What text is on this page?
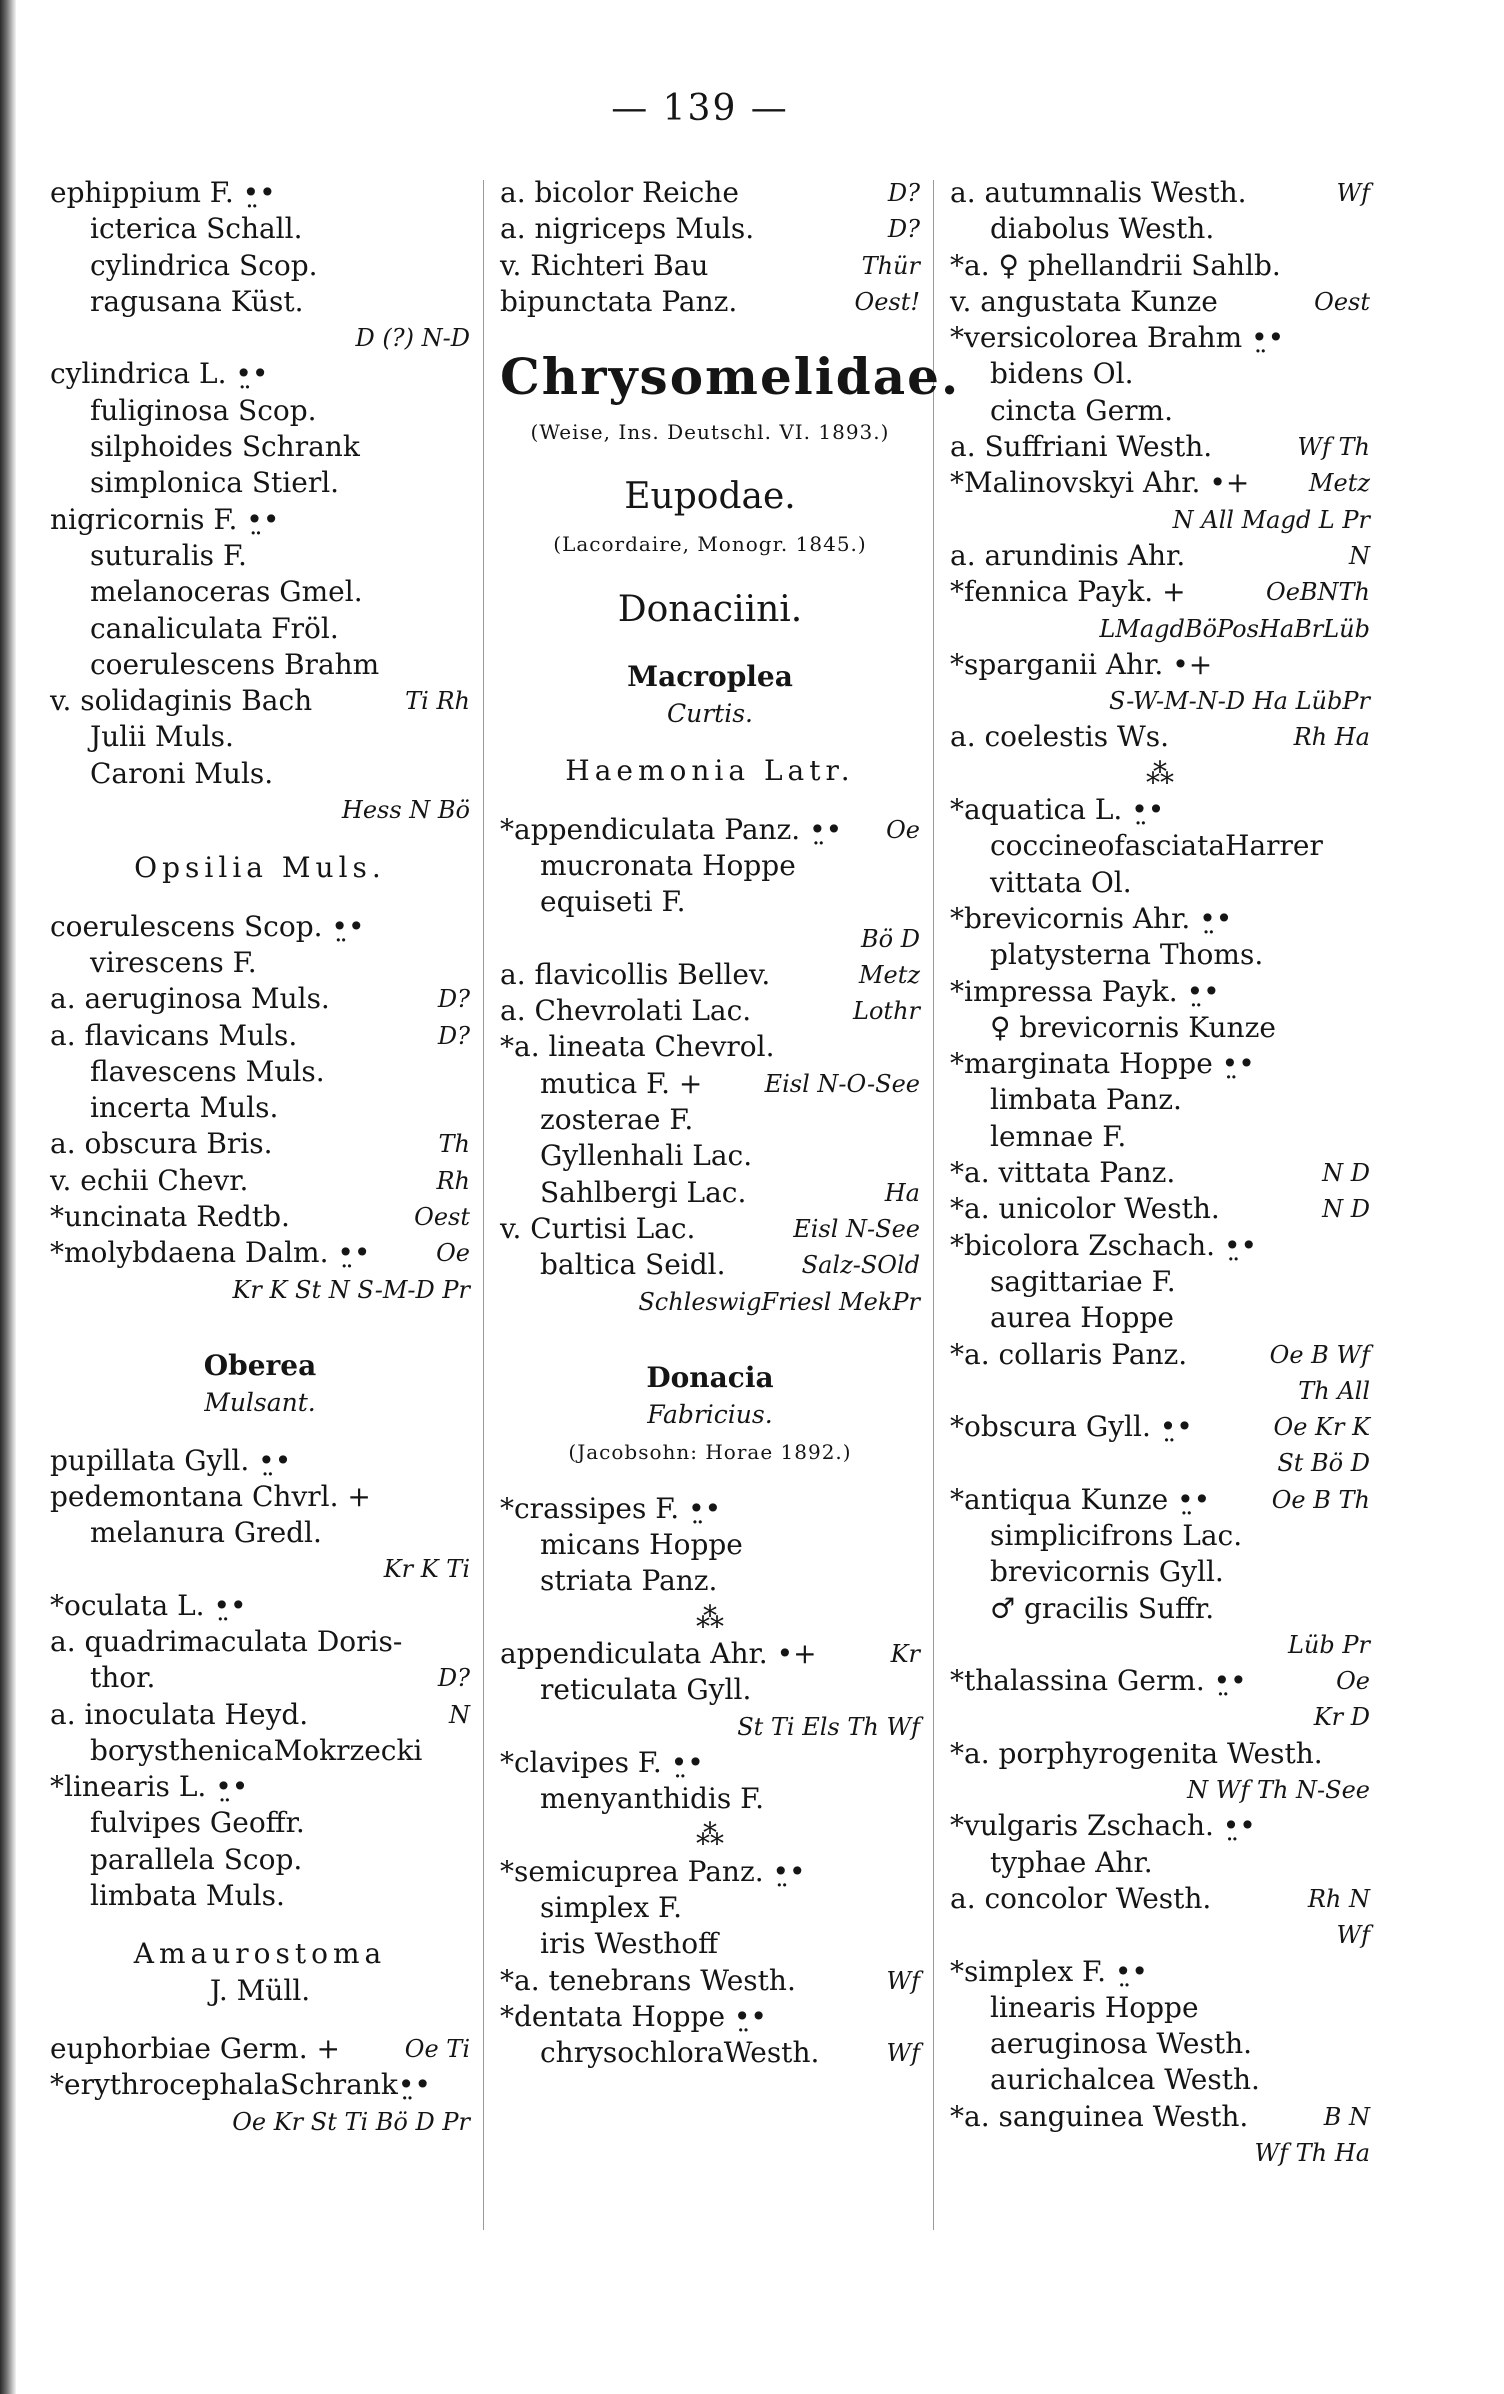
— 139 —
ephippium F. •̤•
icterica Schall.
cylindrica Scop.
ragusana Küst.
D (?) N-D
cylindrica L. •̤•
fuliginosa Scop.
silphoides Schrank
simplonica Stierl.
nigricornis F. •̤•
suturalis F.
melanoceras Gmel.
canaliculata Fröl.
coerulescens Brahm
v. solidaginis Bach	Ti Rh
Julii Muls.
Caroni Muls.
Hess N Bö
Opsilia Muls.
coerulescens Scop. •̤•
virescens F.
a. aeruginosa Muls.	D?
a. flavicans Muls.	D?
flavescens Muls.
incerta Muls.
a. obscura Bris.	Th
v. echii Chevr.	Rh
*uncinata Redtb.	Oest
*molybdaena Dalm. •̤•	Oe
Kr K St N S-M-D Pr
Oberea
Mulsant.
pupillata Gyll. •̤•
pedemontana Chvrl. +
melanura Gredl.
Kr K Ti
*oculata L. •̤•
a. quadrimaculata Doris-
thor.	D?
a. inoculata Heyd.	N
borysthenicaMokrzecki
*linearis L. •̤•
fulvipes Geoffr.
parallela Scop.
limbata Muls.
Amaurostoma
J. Müll.
euphorbiae Germ. +	Oe Ti
*erythrocephalaSchrank•̤•
Oe Kr St Ti Bö D Pr
a. bicolor Reiche	D?
a. nigriceps Muls.	D?
v. Richteri Bau	Thür
bipunctata Panz.	Oest!
Chrysomelidae.
(Weise, Ins. Deutschl. VI. 1893.)
Eupodae.
(Lacordaire, Monogr. 1845.)
Donaciini.
Macroplea
Curtis.
Haemonia Latr.
*appendiculata Panz. •̤• Oe
mucronata Hoppe
equiseti F.
Bö D
a. flavicollis Bellev.	Metz
a. Chevrolati Lac.	Lothr
*a. lineata Chevrol.
mutica F. +	Eisl N-O-See
zosterae F.
Gyllenhali Lac.
Sahlbergi Lac.	Ha
v. Curtisi Lac.	Eisl N-See
baltica Seidl.	Salz-SOld
SchleswigFriesl MekPr
Donacia
Fabricius.
(Jacobsohn: Horae 1892.)
*crassipes F. •̤•
micans Hoppe
striata Panz.
⁂
appendiculata Ahr. •+	Kr
reticulata Gyll.
St Ti Els Th Wf
*clavipes F. •̤•
menyanthidis F.
⁂
*semicuprea Panz. •̤•
simplex F.
iris Westhoff
*a. tenebrans Westh.	Wf
*dentata Hoppe •̤•
chrysochloraWesth.	Wf
a. autumnalis Westh.	Wf
diabolus Westh.
*a. ♀ phellandrii Sahlb.
v. angustata Kunze	Oest
*versicolorea Brahm •̤•
bidens Ol.
cincta Germ.
a. Suffriani Westh.	Wf Th
*Malinovskyi Ahr. •+ Metz
N All Magd L Pr
a. arundinis Ahr.	N
*fennica Payk. +	OeBNTh
LMagdBöPosHaBrLüb
*sparganii Ahr. •+
S-W-M-N-D Ha LübPr
a. coelestis Ws.	Rh Ha
⁂
*aquatica L. •̤•
coccineofasciataHarrer
vittata Ol.
*brevicornis Ahr. •̤•
platysterna Thoms.
*impressa Payk. •̤•
♀ brevicornis Kunze
*marginata Hoppe •̤•
limbata Panz.
lemnae F.
*a. vittata Panz.	N D
*a. unicolor Westh.	N D
*bicolora Zschach. •̤•
sagittariae F.
aurea Hoppe
*a. collaris Panz.	Oe B Wf
Th All
*obscura Gyll. •̤•	Oe Kr K
St Bö D
*antiqua Kunze •̤•	Oe B Th
simplicifrons Lac.
brevicornis Gyll.
♂ gracilis Suffr.
Lüb Pr
*thalassina Germ. •̤•	Oe
Kr D
*a. porphyrogenita Westh.
N Wf Th N-See
*vulgaris Zschach. •̤•
typhae Ahr.
a. concolor Westh.	Rh N
Wf
*simplex F. •̤•
linearis Hoppe
aeruginosa Westh.
aurichalcea Westh.
*a. sanguinea Westh.	B N
Wf Th Ha
